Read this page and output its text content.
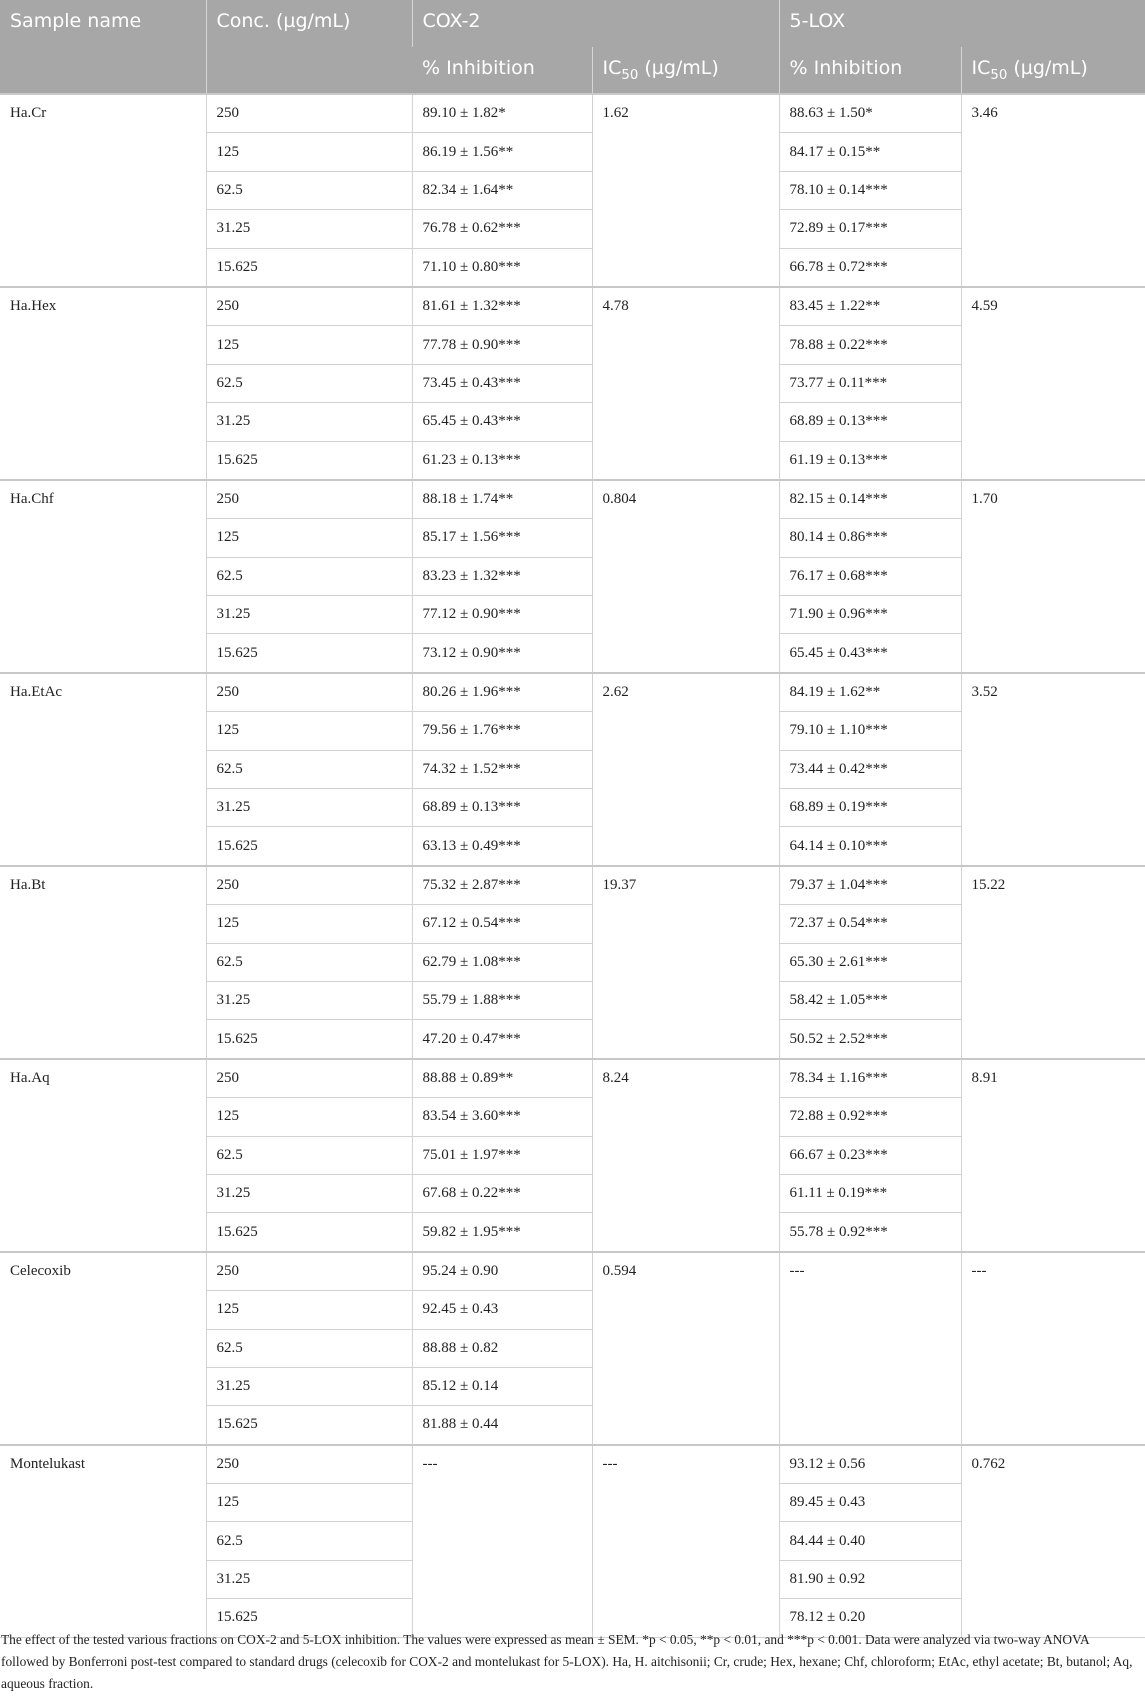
Sample name	Conc. (µg/mL)	COX-2		5-LOX	
		% Inhibition	$IC_{50}$ (µg/mL)	% Inhibition	$IC_{50}$ (µg/mL)
Ha.Cr	250	89.10 ± 1.82*	1.62	88.63 ± 1.50*	3.46
	125	86.19 ± 1.56**		84.17 ± 0.15**	
	62.5	82.34 ± 1.64**		78.10 ± 0.14***	
	31.25	76.78 ± 0.62***		72.89 ± 0.17***	
	15.625	71.10 ± 0.80***		66.78 ± 0.72***	
Ha.Hex	250	81.61 ± 1.32***	4.78	83.45 ± 1.22**	4.59
	125	77.78 ± 0.90***		78.88 ± 0.22***	
	62.5	73.45 ± 0.43***		73.77 ± 0.11***	
	31.25	65.45 ± 0.43***		68.89 ± 0.13***	
	15.625	61.23 ± 0.13***		61.19 ± 0.13***	
Ha.Chf	250	88.18 ± 1.74**	0.804	82.15 ± 0.14***	1.70
	125	85.17 ± 1.56***		80.14 ± 0.86***	
	62.5	83.23 ± 1.32***		76.17 ± 0.68***	
	31.25	77.12 ± 0.90***		71.90 ± 0.96***	
	15.625	73.12 ± 0.90***		65.45 ± 0.43***	
Ha.EtAc	250	80.26 ± 1.96***	2.62	84.19 ± 1.62**	3.52
	125	79.56 ± 1.76***		79.10 ± 1.10***	
	62.5	74.32 ± 1.52***		73.44 ± 0.42***	
	31.25	68.89 ± 0.13***		68.89 ± 0.19***	
	15.625	63.13 ± 0.49***		64.14 ± 0.10***	
Ha.Bt	250	75.32 ± 2.87***	19.37	79.37 ± 1.04***	15.22
	125	67.12 ± 0.54***		72.37 ± 0.54***	
	62.5	62.79 ± 1.08***		65.30 ± 2.61***	
	31.25	55.79 ± 1.88***		58.42 ± 1.05***	
	15.625	47.20 ± 0.47***		50.52 ± 2.52***	
Ha.Aq	250	88.88 ± 0.89**	8.24	78.34 ± 1.16***	8.91
	125	83.54 ± 3.60***		72.88 ± 0.92***	
	62.5	75.01 ± 1.97***		66.67 ± 0.23***	
	31.25	67.68 ± 0.22***		61.11 ± 0.19***	
	15.625	59.82 ± 1.95***		55.78 ± 0.92***	
Celecoxib	250	95.24 ± 0.90	0.594	---	---
	125	92.45 ± 0.43			
	62.5	88.88 ± 0.82			
	31.25	85.12 ± 0.14			
	15.625	81.88 ± 0.44			
Montelukast	250	---	---	93.12 ± 0.56	0.762
	125			89.45 ± 0.43	
	62.5			84.44 ± 0.40	
	31.25			81.90 ± 0.92	
	15.625			78.12 ± 0.20	
The effect of the tested various fractions on COX-2 and 5-LOX inhibition. The values were expressed as mean ± SEM. *p < 0.05, **p < 0.01, and ***p < 0.001. Data were analyzed via two-way ANOVA followed by Bonferroni post-test compared to standard drugs (celecoxib for COX-2 and montelukast for 5-LOX). Ha, H. aitchisonii; Cr, crude; Hex, hexane; Chf, chloroform; EtAc, ethyl acetate; Bt, butanol; Aq, aqueous fraction.
